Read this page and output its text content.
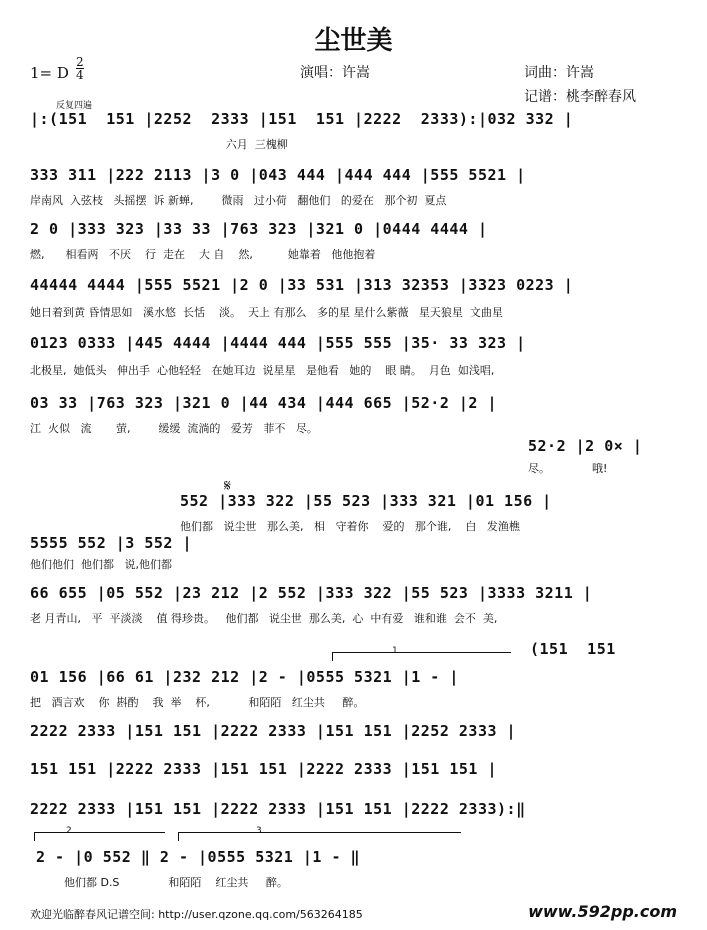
尘世美
1= D $\frac{2}{4}$	演唱：许嵩	词曲：许嵩
记谱：桃李醉春风
反复四遍
|:(151  151 |2252  2333 |151  151 |2222  2333):|032 332 |
六月  三槐柳
333 311 |222 2113 |3 0 |043 444 |444 444 |555 5521 |
岸南风  入弦枝   头摇摆  诉 新蝉,        微雨   过小荷   翻他们   的爱在   那个初  夏点
2 0 |333 323 |33 33 |763 323 |321 0 |0444 4444 |
燃,      相看两   不厌    行  走在    大 自    然,          她靠着   他他抱着
44444 4444 |555 5521 |2 0 |33 531 |313 32353 |3323 0223 |
她日着到黄 昏情思如   溪水悠  长恬    淡。  天上 有那么   多的星 星什么紫薇   星天狼星  文曲星
0123 0333 |445 4444 |4444 444 |555 555 |35· 33 323 |
北极星,  她低头   伸出手  心他轻轻   在她耳边  说星星   是他看   她的    眼 睛。  月色  如浅唱,
03 33 |763 323 |321 0 |44 434 |444 665 |52·2 |2 |
江  火似   流       萤,        缓缓  流淌的   爱芳   菲不   尽。
52·2 |2 0× |
尽。            哦!
𝄋
552 |333 322 |55 523 |333 321 |01 156 |
他们都   说尘世   那么美,   相   守着你    爱的   那个谁,    白   发渔樵
5555 552 |3 552 |
他们他们  他们都   说,他们都
66 655 |05 552 |23 212 |2 552 |333 322 |55 523 |3333 3211 |
老 月青山,   平  平淡淡    值 得珍贵。   他们都   说尘世  那么美,  心  中有爱   谁和谁  会不  美,
1	(151  151
01 156 |66 61 |232 212 |2 - |0555 5321 |1 - |
把   酒言欢    你  斟酌    我  举    杯,           和陌陌   红尘共     醉。
2222 2333 |151 151 |2222 2333 |151 151 |2252 2333 |
151 151 |2222 2333 |151 151 |2222 2333 |151 151 |
2222 2333 |151 151 |2222 2333 |151 151 |2222 2333):‖
2	3
2 - |0 552 ‖ 2 - |0555 5321 |1 - ‖
他们都 D.S              和陌陌    红尘共     醉。
欢迎光临醉春风记谱空间: http://user.qzone.qq.com/563264185	www.592pp.com
